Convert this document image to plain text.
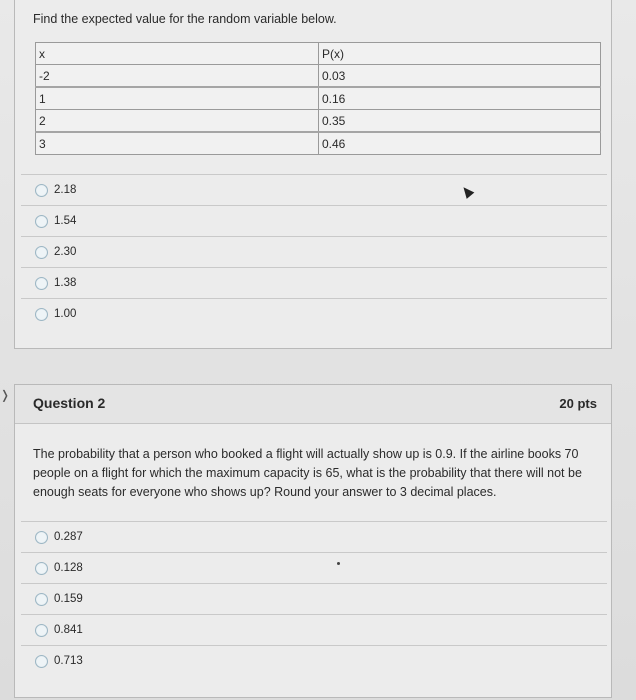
Find the expected value for the random variable below.
x	P(x)
-2	0.03
1	0.16
2	0.35
3	0.46
2.18
1.54
2.30
1.38
1.00
❭ Question 2	20 pts
The probability that a person who booked a flight will actually show up is 0.9. If the airline books 70 people on a flight for which the maximum capacity is 65, what is the probability that there will not be enough seats for everyone who shows up? Round your answer to 3 decimal places.
0.287
0.128
0.159
0.841
0.713
